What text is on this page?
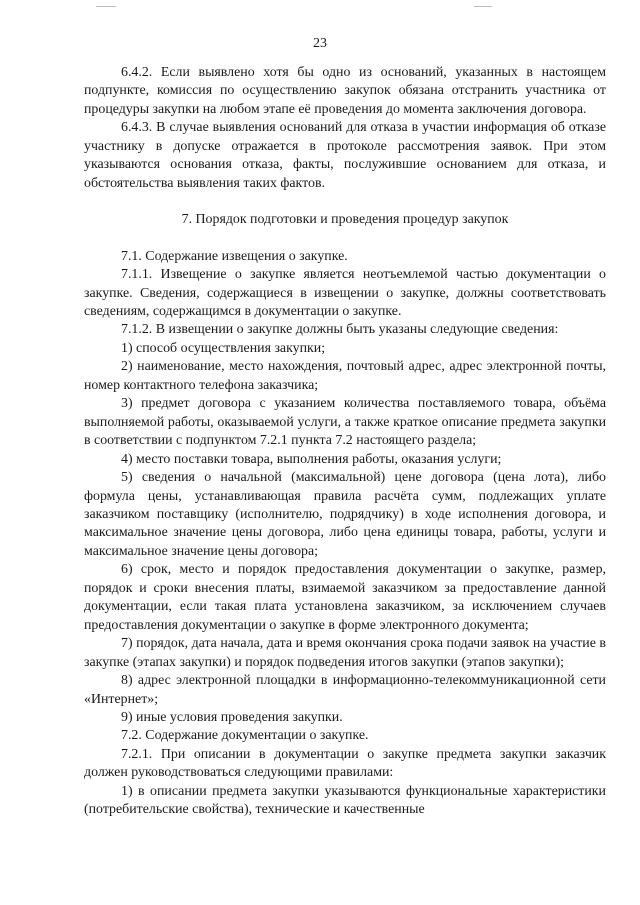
23

6.4.2. Если выявлено хотя бы одно из оснований, указанных в настоящем подпункте, комиссия по осуществлению закупок обязана отстранить участника от процедуры закупки на любом этапе её проведения до момента заключения договора.

6.4.3. В случае выявления оснований для отказа в участии информация об отказе участнику в допуске отражается в протоколе рассмотрения заявок. При этом указываются основания отказа, факты, послужившие основанием для отказа, и обстоятельства выявления таких фактов.

7. Порядок подготовки и проведения процедур закупок

7.1. Содержание извещения о закупке.

7.1.1. Извещение о закупке является неотъемлемой частью документации о закупке. Сведения, содержащиеся в извещении о закупке, должны соответствовать сведениям, содержащимся в документации о закупке.

7.1.2. В извещении о закупке должны быть указаны следующие сведения:

1) способ осуществления закупки;

2) наименование, место нахождения, почтовый адрес, адрес электронной почты, номер контактного телефона заказчика;

3) предмет договора с указанием количества поставляемого товара, объёма выполняемой работы, оказываемой услуги, а также краткое описание предмета закупки в соответствии с подпунктом 7.2.1 пункта 7.2 настоящего раздела;

4) место поставки товара, выполнения работы, оказания услуги;

5) сведения о начальной (максимальной) цене договора (цена лота), либо формула цены, устанавливающая правила расчёта сумм, подлежащих уплате заказчиком поставщику (исполнителю, подрядчику) в ходе исполнения договора, и максимальное значение цены договора, либо цена единицы товара, работы, услуги и максимальное значение цены договора;

6) срок, место и порядок предоставления документации о закупке, размер, порядок и сроки внесения платы, взимаемой заказчиком за предоставление данной документации, если такая плата установлена заказчиком, за исключением случаев предоставления документации о закупке в форме электронного документа;

7) порядок, дата начала, дата и время окончания срока подачи заявок на участие в закупке (этапах закупки) и порядок подведения итогов закупки (этапов закупки);

8) адрес электронной площадки в информационно-телекоммуникационной сети «Интернет»;

9) иные условия проведения закупки.

7.2. Содержание документации о закупке.

7.2.1. При описании в документации о закупке предмета закупки заказчик должен руководствоваться следующими правилами:

1) в описании предмета закупки указываются функциональные характеристики (потребительские свойства), технические и качественные
